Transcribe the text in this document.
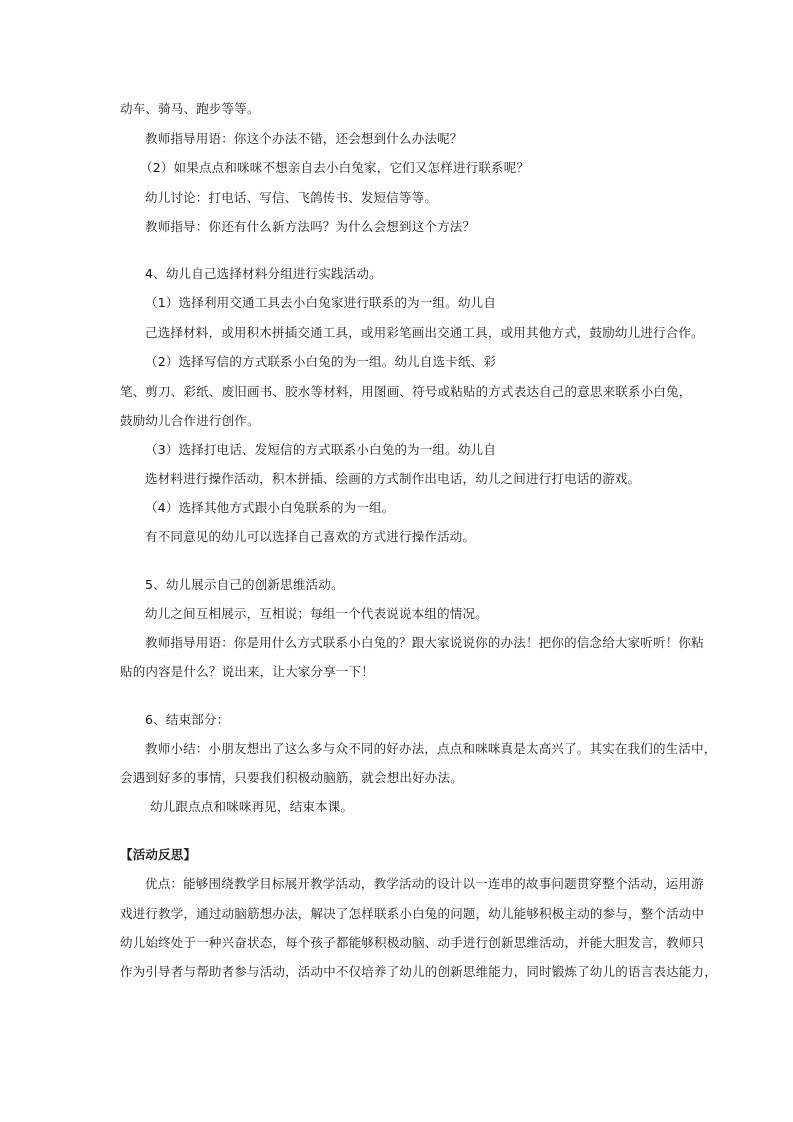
动车、骑马、跑步等等。
教师指导用语：你这个办法不错，还会想到什么办法呢？
（2）如果点点和咪咪不想亲自去小白兔家，它们又怎样进行联系呢？
幼儿讨论：打电话、写信、飞鸽传书、发短信等等。
教师指导：你还有什么新方法吗？为什么会想到这个方法？
4、幼儿自己选择材料分组进行实践活动。
（1）选择利用交通工具去小白兔家进行联系的为一组。幼儿自
己选择材料，或用积木拼插交通工具，或用彩笔画出交通工具，或用其他方式，鼓励幼儿进行合作。
（2）选择写信的方式联系小白兔的为一组。幼儿自选卡纸、彩
笔、剪刀、彩纸、废旧画书、胶水等材料，用图画、符号或粘贴的方式表达自己的意思来联系小白兔，
鼓励幼儿合作进行创作。
（3）选择打电话、发短信的方式联系小白兔的为一组。幼儿自
选材料进行操作活动，积木拼插、绘画的方式制作出电话，幼儿之间进行打电话的游戏。
（4）选择其他方式跟小白兔联系的为一组。
有不同意见的幼儿可以选择自己喜欢的方式进行操作活动。
5、幼儿展示自己的创新思维活动。
幼儿之间互相展示，互相说；每组一个代表说说本组的情况。
教师指导用语：你是用什么方式联系小白兔的？跟大家说说你的办法！把你的信念给大家听听！你粘
贴的内容是什么？说出来，让大家分享一下！
6、结束部分：
教师小结：小朋友想出了这么多与众不同的好办法，点点和咪咪真是太高兴了。其实在我们的生活中，
会遇到好多的事情，只要我们积极动脑筋，就会想出好办法。
幼儿跟点点和咪咪再见，结束本课。
【活动反思】
优点：能够围绕教学目标展开教学活动，教学活动的设计以一连串的故事问题贯穿整个活动，运用游
戏进行教学，通过动脑筋想办法，解决了怎样联系小白兔的问题，幼儿能够积极主动的参与，整个活动中
幼儿始终处于一种兴奋状态，每个孩子都能够积极动脑、动手进行创新思维活动，并能大胆发言，教师只
作为引导者与帮助者参与活动，活动中不仅培养了幼儿的创新思维能力，同时锻炼了幼儿的语言表达能力，
